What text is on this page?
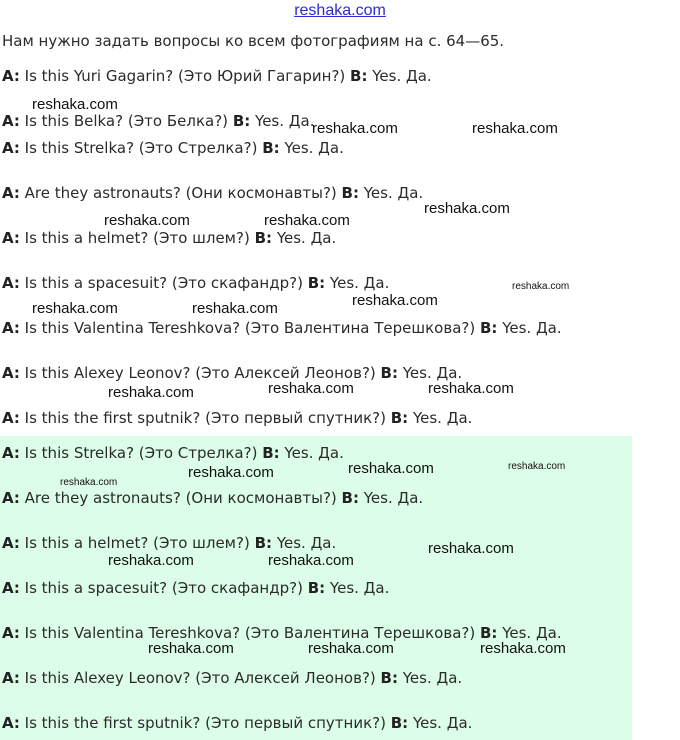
reshaka.com
Нам нужно задать вопросы ко всем фотографиям на с. 64—65.
A: Is this Yuri Gagarin? (Это Юрий Гагарин?) B: Yes. Да.
A: Is this Belka? (Это Белка?) B: Yes. Да.
A: Is this Strelka? (Это Стрелка?) B: Yes. Да.
A: Are they astronauts? (Они космонавты?) B: Yes. Да.
A: Is this a helmet? (Это шлем?) B: Yes. Да.
A: Is this a spacesuit? (Это скафандр?) B: Yes. Да.
A: Is this Valentina Tereshkova? (Это Валентина Терешкова?) B: Yes. Да.
A: Is this Alexey Leonov? (Это Алексей Леонов?) B: Yes. Да.
A: Is this the first sputnik? (Это первый спутник?) B: Yes. Да.
A: Is this Strelka? (Это Стрелка?) B: Yes. Да.
A: Are they astronauts? (Они космонавты?) B: Yes. Да.
A: Is this a helmet? (Это шлем?) B: Yes. Да.
A: Is this a spacesuit? (Это скафандр?) B: Yes. Да.
A: Is this Valentina Tereshkova? (Это Валентина Терешкова?) B: Yes. Да.
A: Is this Alexey Leonov? (Это Алексей Леонов?) B: Yes. Да.
A: Is this the first sputnik? (Это первый спутник?) B: Yes. Да.
reshaka.com
reshaka.com	reshaka.com
reshaka.com
reshaka.com	reshaka.com
reshaka.com
reshaka.com
reshaka.com	reshaka.com
reshaka.com	reshaka.com
reshaka.com
reshaka.com	reshaka.com
reshaka.com
reshaka.com
reshaka.com
reshaka.com	reshaka.com
reshaka.com	reshaka.com	reshaka.com
